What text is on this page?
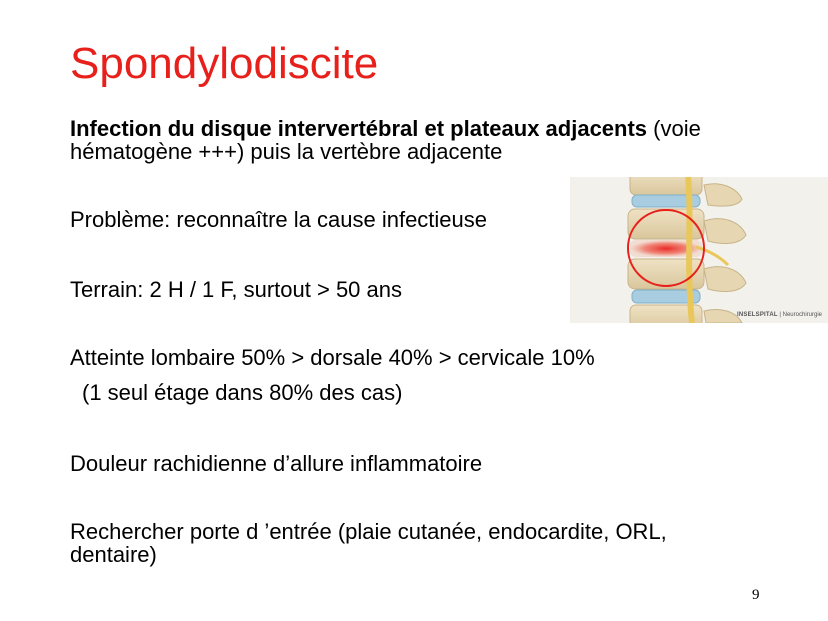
Spondylodiscite
Infection du disque intervertébral et plateaux adjacents (voie
hématogène +++) puis la vertèbre adjacente
Problème: reconnaître la cause infectieuse
Terrain: 2 H / 1 F, surtout > 50 ans
Atteinte lombaire 50% > dorsale 40% > cervicale 10%
(1 seul étage dans 80% des cas)
Douleur rachidienne d’allure inflammatoire
Rechercher porte d ’entrée (plaie cutanée, endocardite, ORL,
dentaire)
INSELSPITAL | Neurochirurgie
9
